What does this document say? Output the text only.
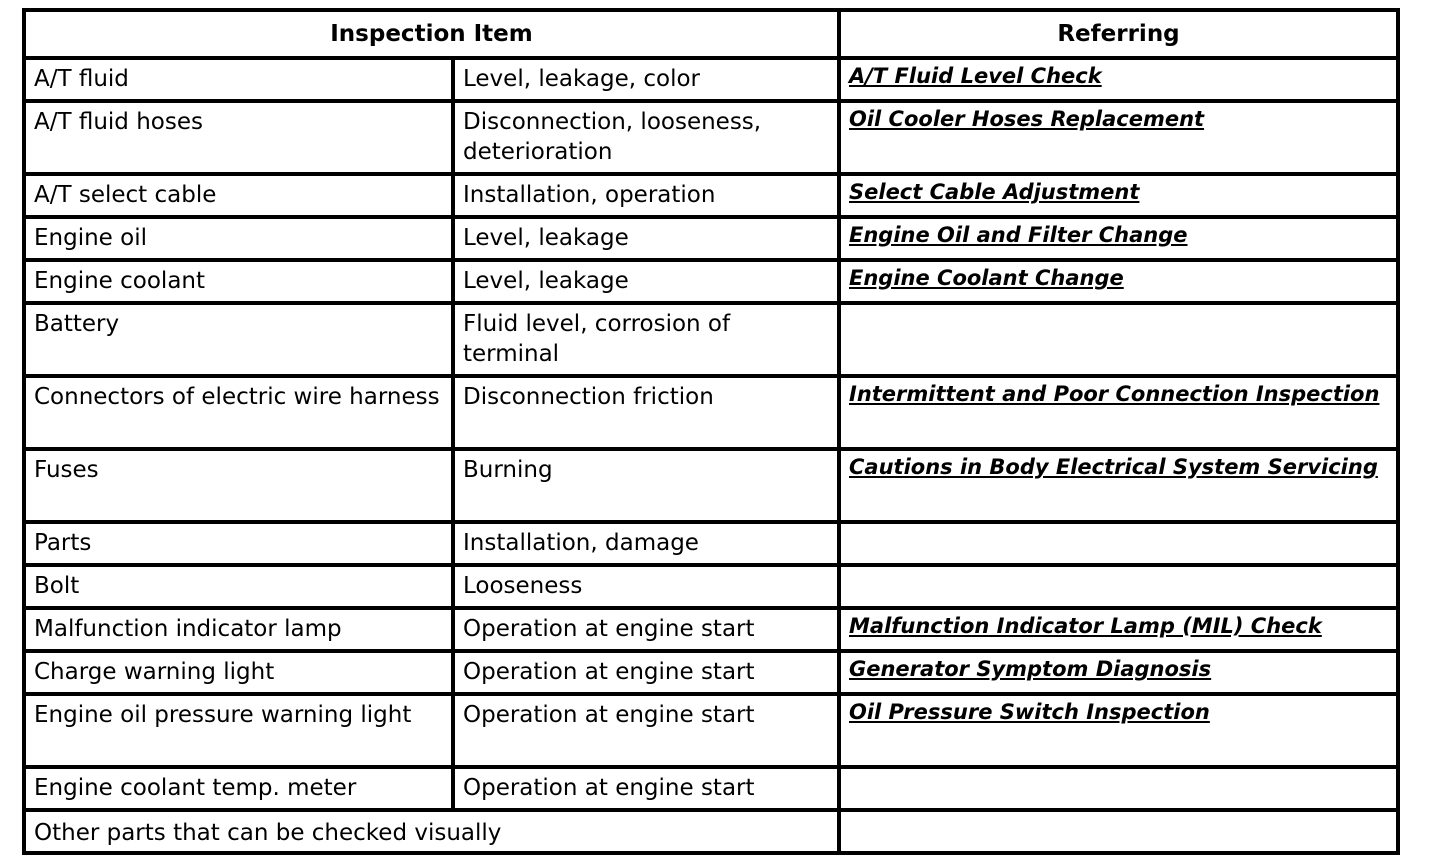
Inspection Item		Referring
A/T fluid	Level, leakage, color	A/T Fluid Level Check

A/T fluid hoses	Disconnection, looseness, deterioration	Oil Cooler Hoses Replacement

A/T select cable	Installation, operation	Select Cable Adjustment

Engine oil	Level, leakage	Engine Oil and Filter Change

Engine coolant	Level, leakage	Engine Coolant Change

Battery	Fluid level, corrosion of terminal	

Connectors of electric wire harness	Disconnection friction	Intermittent and Poor Connection Inspection

Fuses	Burning	Cautions in Body Electrical System Servicing

Parts	Installation, damage	

Bolt	Looseness	

Malfunction indicator lamp	Operation at engine start	Malfunction Indicator Lamp (MIL) Check

Charge warning light	Operation at engine start	Generator Symptom Diagnosis

Engine oil pressure warning light	Operation at engine start	Oil Pressure Switch Inspection

Engine coolant temp. meter	Operation at engine start	

Other parts that can be checked visually		
